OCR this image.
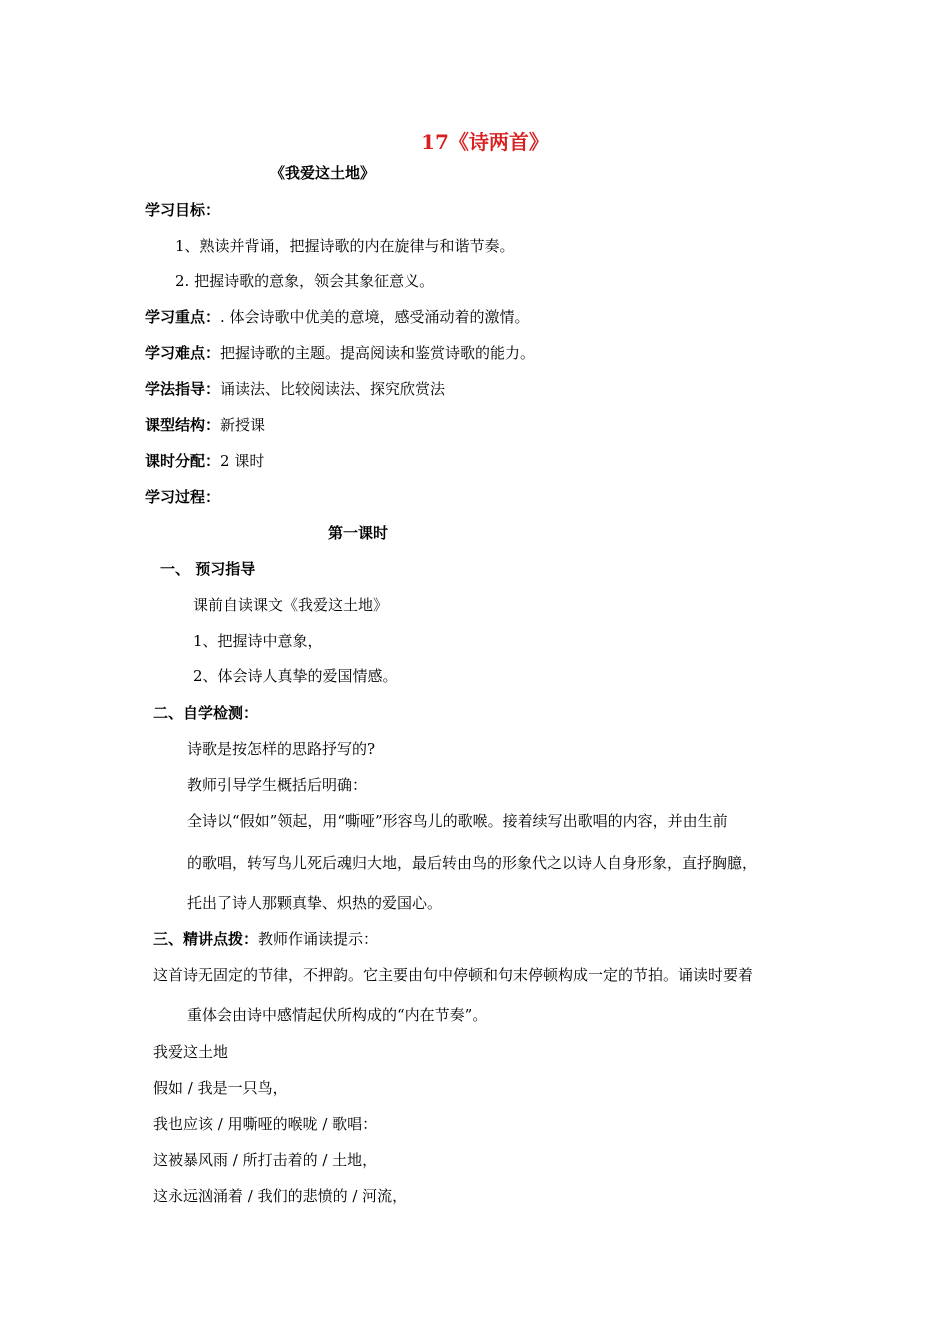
17《诗两首》
《我爱这土地》
学习目标：
1、熟读并背诵，把握诗歌的内在旋律与和谐节奏。
2. 把握诗歌的意象，领会其象征意义。
学习重点：. 体会诗歌中优美的意境，感受涌动着的激情。
学习难点：把握诗歌的主题。提高阅读和鉴赏诗歌的能力。
学法指导：诵读法、比较阅读法、探究欣赏法
课型结构：新授课
课时分配：2 课时
学习过程：
第一课时
一、 预习指导
课前自读课文《我爱这土地》
1、把握诗中意象，
2、体会诗人真挚的爱国情感。
二、自学检测：
诗歌是按怎样的思路抒写的?
教师引导学生概括后明确：
全诗以“假如”领起，用“嘶哑”形容鸟儿的歌喉。接着续写出歌唱的内容，并由生前
的歌唱，转写鸟儿死后魂归大地，最后转由鸟的形象代之以诗人自身形象，直抒胸臆，
托出了诗人那颗真挚、炽热的爱国心。
三、精讲点拨：教师作诵读提示：
这首诗无固定的节律，不押韵。它主要由句中停顿和句末停顿构成一定的节拍。诵读时要着
重体会由诗中感情起伏所构成的“内在节奏”。
我爱这土地
假如 / 我是一只鸟，
我也应该 / 用嘶哑的喉咙 / 歌唱：
这被暴风雨 / 所打击着的 / 土地，
这永远汹涌着 / 我们的悲愤的 / 河流，
